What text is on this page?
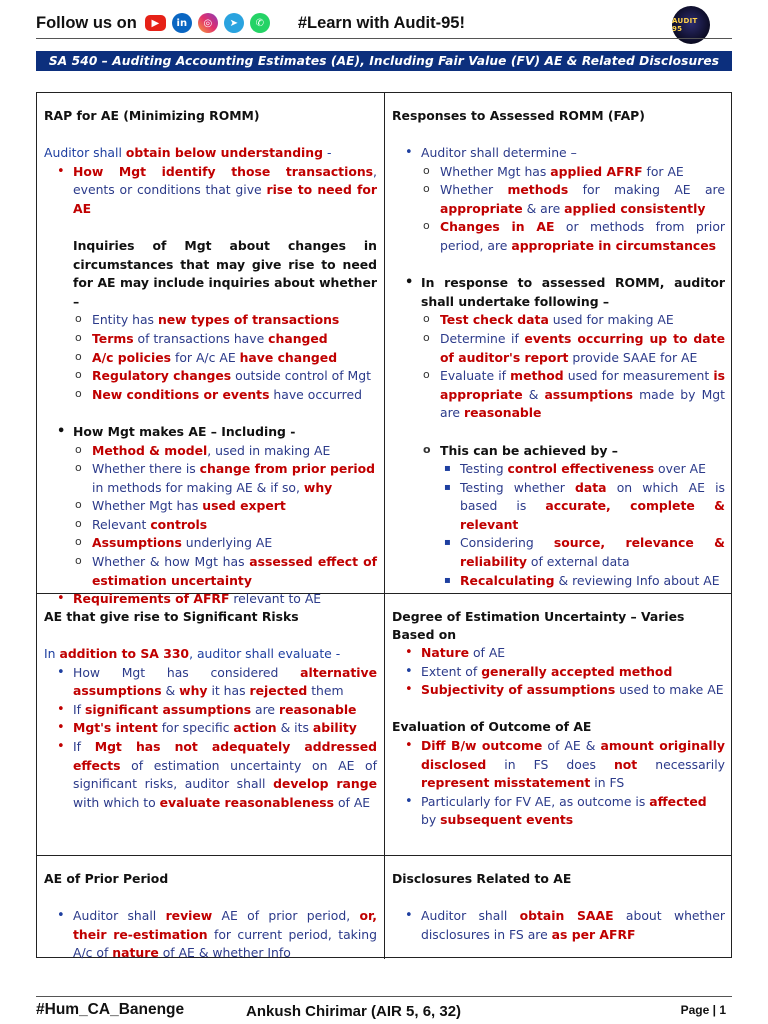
Follow us on	▶	in	◎	➤	✆	#Learn with Audit-95!	AUDIT 95
SA 540 – Auditing Accounting Estimates (AE), Including Fair Value (FV) AE & Related Disclosures
RAP for AE (Minimizing ROMM)
Auditor shall obtain below understanding -
• How Mgt identify those transactions, events or conditions that give rise to need for AE
Inquiries of Mgt about changes in circumstances that may give rise to need for AE may include inquiries about whether –
o Entity has new types of transactions
o Terms of transactions have changed
o A/c policies for A/c AE have changed
o Regulatory changes outside control of Mgt
o New conditions or events have occurred
• How Mgt makes AE – Including -
o Method & model, used in making AE
o Whether there is change from prior period in methods for making AE & if so, why
o Whether Mgt has used expert
o Relevant controls
o Assumptions underlying AE
o Whether & how Mgt has assessed effect of estimation uncertainty
• Requirements of AFRF relevant to AE
Responses to Assessed ROMM (FAP)
• Auditor shall determine –
o Whether Mgt has applied AFRF for AE
o Whether methods for making AE are appropriate & are applied consistently
o Changes in AE or methods from prior period, are appropriate in circumstances
• In response to assessed ROMM, auditor shall undertake following –
o Test check data used for making AE
o Determine if events occurring up to date of auditor's report provide SAAE for AE
o Evaluate if method used for measurement is appropriate & assumptions made by Mgt are reasonable
o This can be achieved by –
▪ Testing control effectiveness over AE
▪ Testing whether data on which AE is based is accurate, complete & relevant
▪ Considering source, relevance & reliability of external data
▪ Recalculating & reviewing Info about AE
AE that give rise to Significant Risks
In addition to SA 330, auditor shall evaluate -
• How Mgt has considered alternative assumptions & why it has rejected them
• If significant assumptions are reasonable
• Mgt's intent for specific action & its ability
• If Mgt has not adequately addressed effects of estimation uncertainty on AE of significant risks, auditor shall develop range with which to evaluate reasonableness of AE
Degree of Estimation Uncertainty – Varies Based on
• Nature of AE
• Extent of generally accepted method
• Subjectivity of assumptions used to make AE
Evaluation of Outcome of AE
• Diff B/w outcome of AE & amount originally disclosed in FS does not necessarily represent misstatement in FS
• Particularly for FV AE, as outcome is affected by subsequent events
AE of Prior Period
• Auditor shall review AE of prior period, or, their re-estimation for current period, taking A/c of nature of AE & whether Info
Disclosures Related to AE
• Auditor shall obtain SAAE about whether disclosures in FS are as per AFRF
#Hum_CA_Banenge	Ankush Chirimar (AIR 5, 6, 32)	Page | 1
